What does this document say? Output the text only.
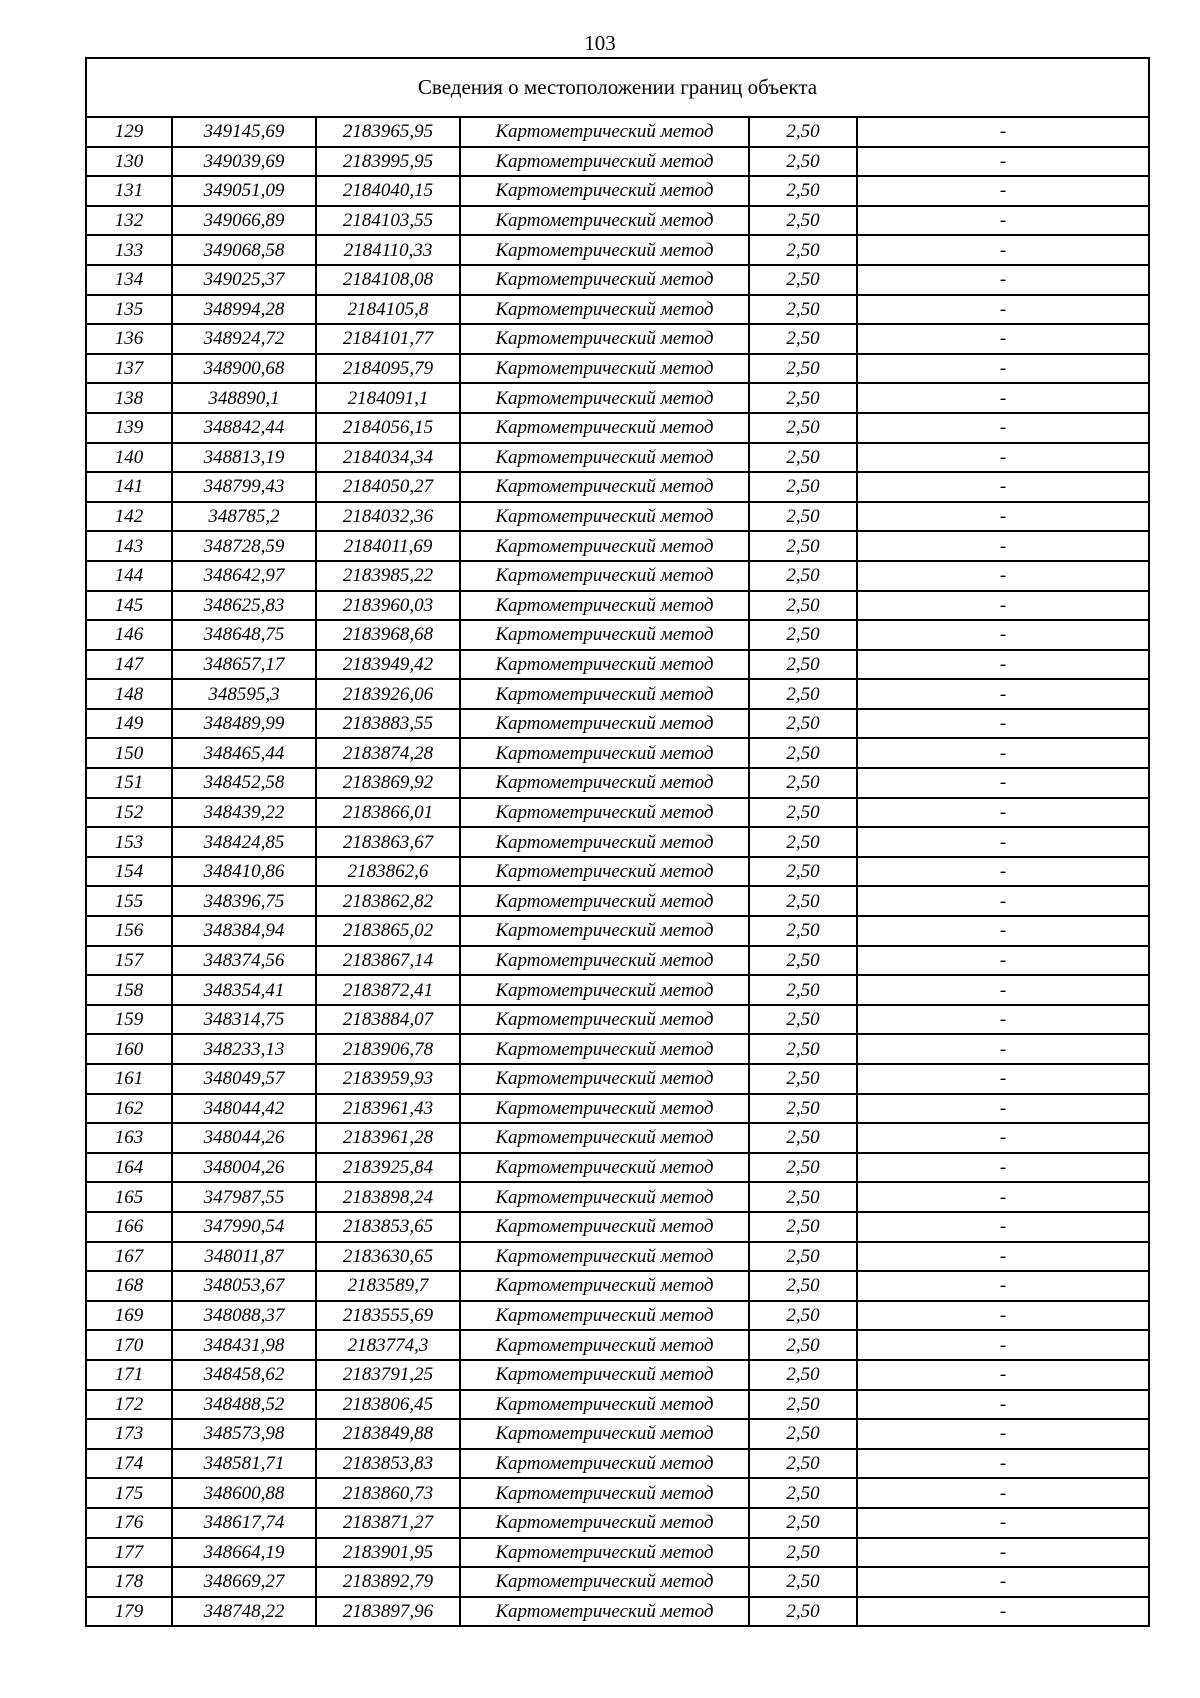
103
Сведения о местоположении границ объекта					
129	349145,69	2183965,95	Картометрический метод	2,50	-
130	349039,69	2183995,95	Картометрический метод	2,50	-
131	349051,09	2184040,15	Картометрический метод	2,50	-
132	349066,89	2184103,55	Картометрический метод	2,50	-
133	349068,58	2184110,33	Картометрический метод	2,50	-
134	349025,37	2184108,08	Картометрический метод	2,50	-
135	348994,28	2184105,8	Картометрический метод	2,50	-
136	348924,72	2184101,77	Картометрический метод	2,50	-
137	348900,68	2184095,79	Картометрический метод	2,50	-
138	348890,1	2184091,1	Картометрический метод	2,50	-
139	348842,44	2184056,15	Картометрический метод	2,50	-
140	348813,19	2184034,34	Картометрический метод	2,50	-
141	348799,43	2184050,27	Картометрический метод	2,50	-
142	348785,2	2184032,36	Картометрический метод	2,50	-
143	348728,59	2184011,69	Картометрический метод	2,50	-
144	348642,97	2183985,22	Картометрический метод	2,50	-
145	348625,83	2183960,03	Картометрический метод	2,50	-
146	348648,75	2183968,68	Картометрический метод	2,50	-
147	348657,17	2183949,42	Картометрический метод	2,50	-
148	348595,3	2183926,06	Картометрический метод	2,50	-
149	348489,99	2183883,55	Картометрический метод	2,50	-
150	348465,44	2183874,28	Картометрический метод	2,50	-
151	348452,58	2183869,92	Картометрический метод	2,50	-
152	348439,22	2183866,01	Картометрический метод	2,50	-
153	348424,85	2183863,67	Картометрический метод	2,50	-
154	348410,86	2183862,6	Картометрический метод	2,50	-
155	348396,75	2183862,82	Картометрический метод	2,50	-
156	348384,94	2183865,02	Картометрический метод	2,50	-
157	348374,56	2183867,14	Картометрический метод	2,50	-
158	348354,41	2183872,41	Картометрический метод	2,50	-
159	348314,75	2183884,07	Картометрический метод	2,50	-
160	348233,13	2183906,78	Картометрический метод	2,50	-
161	348049,57	2183959,93	Картометрический метод	2,50	-
162	348044,42	2183961,43	Картометрический метод	2,50	-
163	348044,26	2183961,28	Картометрический метод	2,50	-
164	348004,26	2183925,84	Картометрический метод	2,50	-
165	347987,55	2183898,24	Картометрический метод	2,50	-
166	347990,54	2183853,65	Картометрический метод	2,50	-
167	348011,87	2183630,65	Картометрический метод	2,50	-
168	348053,67	2183589,7	Картометрический метод	2,50	-
169	348088,37	2183555,69	Картометрический метод	2,50	-
170	348431,98	2183774,3	Картометрический метод	2,50	-
171	348458,62	2183791,25	Картометрический метод	2,50	-
172	348488,52	2183806,45	Картометрический метод	2,50	-
173	348573,98	2183849,88	Картометрический метод	2,50	-
174	348581,71	2183853,83	Картометрический метод	2,50	-
175	348600,88	2183860,73	Картометрический метод	2,50	-
176	348617,74	2183871,27	Картометрический метод	2,50	-
177	348664,19	2183901,95	Картометрический метод	2,50	-
178	348669,27	2183892,79	Картометрический метод	2,50	-
179	348748,22	2183897,96	Картометрический метод	2,50	-
